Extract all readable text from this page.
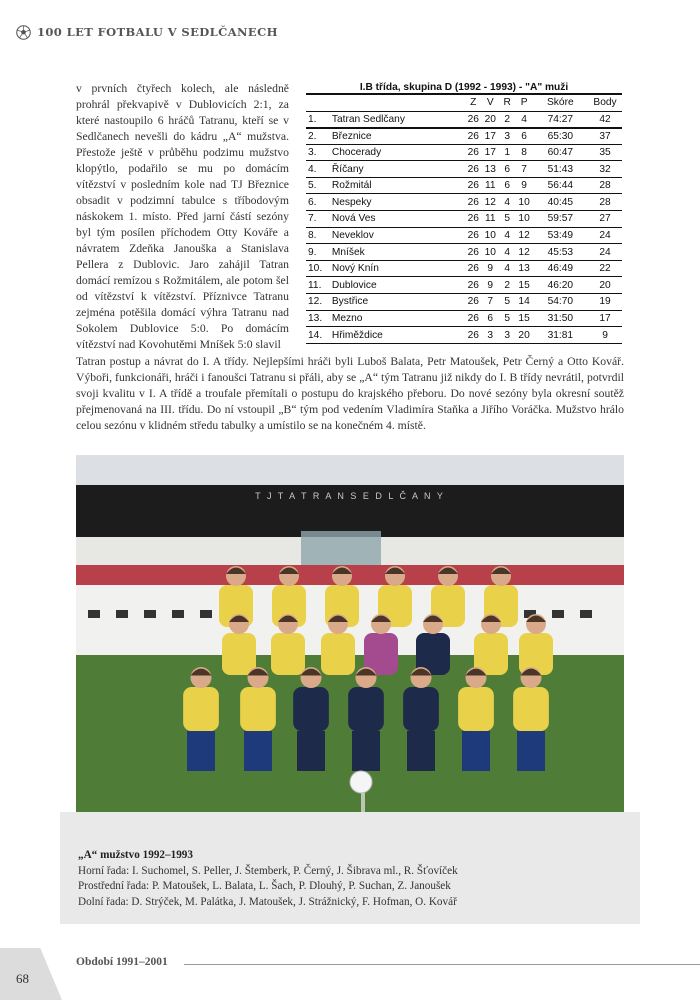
100 LET FOTBALU V SEDLČANECH

v prvních čtyřech kolech, ale následně prohrál překvapivě v Dublovicích 2:1, za které nastoupilo 6 hráčů Tatranu, kteří se v Sedlčanech nevešli do kádru „A“ mužstva. Přestože ještě v průběhu podzimu mužstvo klopýtlo, podařilo se mu po domácím vítězství v posledním kole nad TJ Březnice obsadit v podzimní tabulce s tříbodovým náskokem 1. místo. Před jarní částí sezóny byl tým posílen příchodem Otty Kováře a návratem Zdeňka Janouška a Stanislava Pellera z Dublovic. Jaro zahájil Tatran domácí remízou s Rožmitálem, ale potom šel od vítězství k vítězství. Příznivce Tatranu zejména potěšila domácí výhra Tatranu nad Sokolem Dublovice 5:0. Po domácím vítězství nad Kovohutěmi Mníšek 5:0 slavil

I.B třída, skupina D (1992 - 1993) - "A" muži
		Z	V	R	P	Skóre	Body
1.	Tatran Sedlčany	26	20	2	4	74:27	42
2.	Březnice	26	17	3	6	65:30	37
3.	Chocerady	26	17	1	8	60:47	35
4.	Říčany	26	13	6	7	51:43	32
5.	Rožmitál	26	11	6	9	56:44	28
6.	Nespeky	26	12	4	10	40:45	28
7.	Nová Ves	26	11	5	10	59:57	27
8.	Neveklov	26	10	4	12	53:49	24
9.	Mníšek	26	10	4	12	45:53	24
10.	Nový Knín	26	9	4	13	46:49	22
11.	Dublovice	26	9	2	15	46:20	20
12.	Bystřice	26	7	5	14	54:70	19
13.	Mezno	26	6	5	15	31:50	17
14.	Hřiměždice	26	3	3	20	31:81	9

Tatran postup a návrat do I. A třídy. Nejlepšími hráči byli Luboš Balata, Petr Matoušek, Petr Černý a Otto Kovář. Výboři, funkcionáři, hráči i fanoušci Tatranu si přáli, aby se „A“ tým Tatranu již nikdy do I. B třídy nevrátil, potvrdil svoji kvalitu v I. A třídě a troufale přemítali o postupu do krajského přeboru. Do nové sezóny byla okresní soutěž přejmenovaná na III. třídu. Do ní vstoupil „B“ tým pod vedením Vladimíra Staňka a Jiřího Voráčka. Mužstvo hrálo celou sezónu v klidném středu tabulky a umístilo se na konečném 4. místě.

T J T A T R A N S E D L Č A N Y
„A“ mužstvo 1992–1993
Horní řada: I. Suchomel, S. Peller, J. Štemberk, P. Černý, J. Šibrava ml., R. Šťovíček
Prostřední řada: P. Matoušek, L. Balata, L. Šach, P. Dlouhý, P. Suchan, Z. Janoušek
Dolní řada: D. Strýček, M. Palátka, J. Matoušek, J. Strážnický, F. Hofman, O. Kovář
68
Období 1991–2001
